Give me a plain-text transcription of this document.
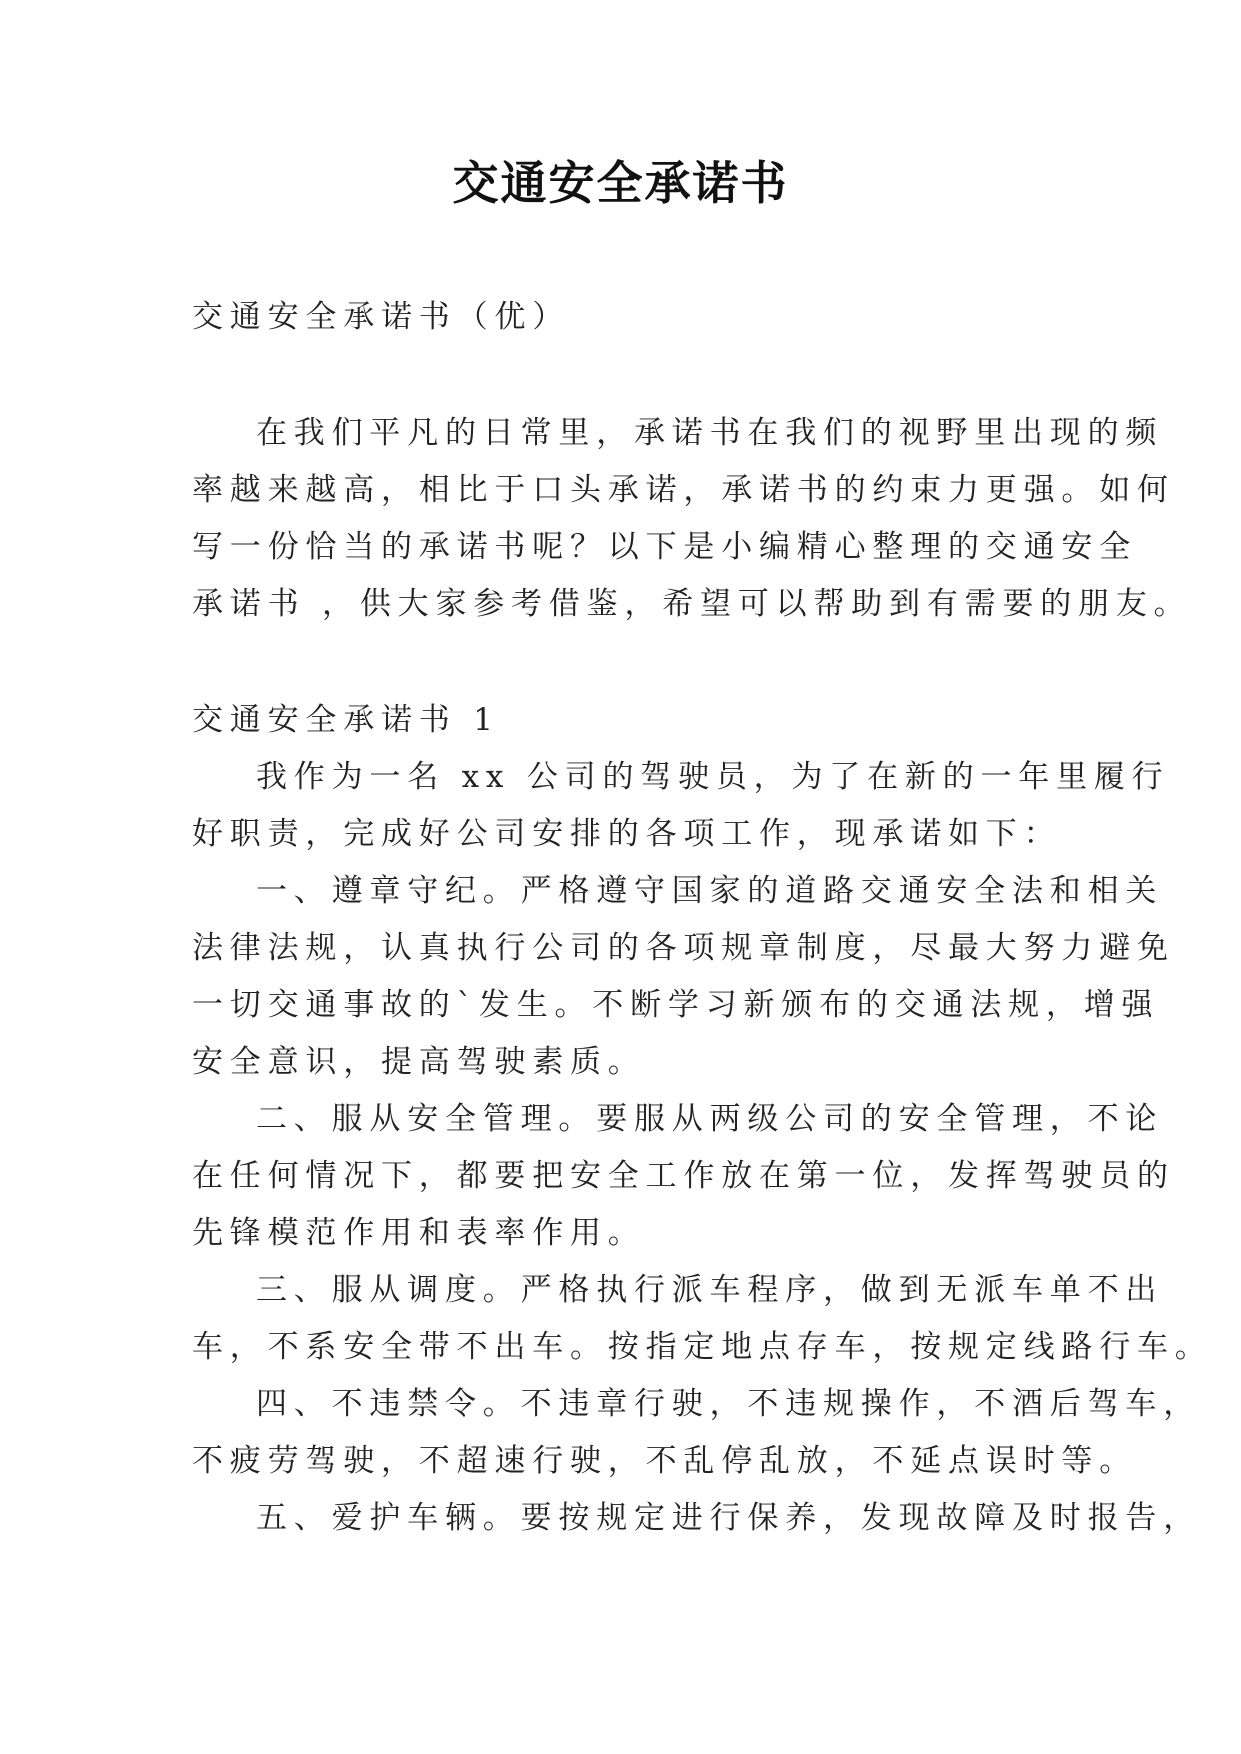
交通安全承诺书
交通安全承诺书（优）
在我们平凡的日常里，承诺书在我们的视野里出现的频
率越来越高，相比于口头承诺，承诺书的约束力更强。如何
写一份恰当的承诺书呢？以下是小编精心整理的交通安全
承诺书 ，供大家参考借鉴，希望可以帮助到有需要的朋友。
交通安全承诺书 1
我作为一名 xx 公司的驾驶员，为了在新的一年里履行
好职责，完成好公司安排的各项工作，现承诺如下：
一、遵章守纪。严格遵守国家的道路交通安全法和相关
法律法规，认真执行公司的各项规章制度，尽最大努力避免
一切交通事故的`发生。不断学习新颁布的交通法规，增强
安全意识，提高驾驶素质。
二、服从安全管理。要服从两级公司的安全管理，不论
在任何情况下，都要把安全工作放在第一位，发挥驾驶员的
先锋模范作用和表率作用。
三、服从调度。严格执行派车程序，做到无派车单不出
车，不系安全带不出车。按指定地点存车，按规定线路行车。
四、不违禁令。不违章行驶，不违规操作，不酒后驾车，
不疲劳驾驶，不超速行驶，不乱停乱放，不延点误时等。
五、爱护车辆。要按规定进行保养，发现故障及时报告，
